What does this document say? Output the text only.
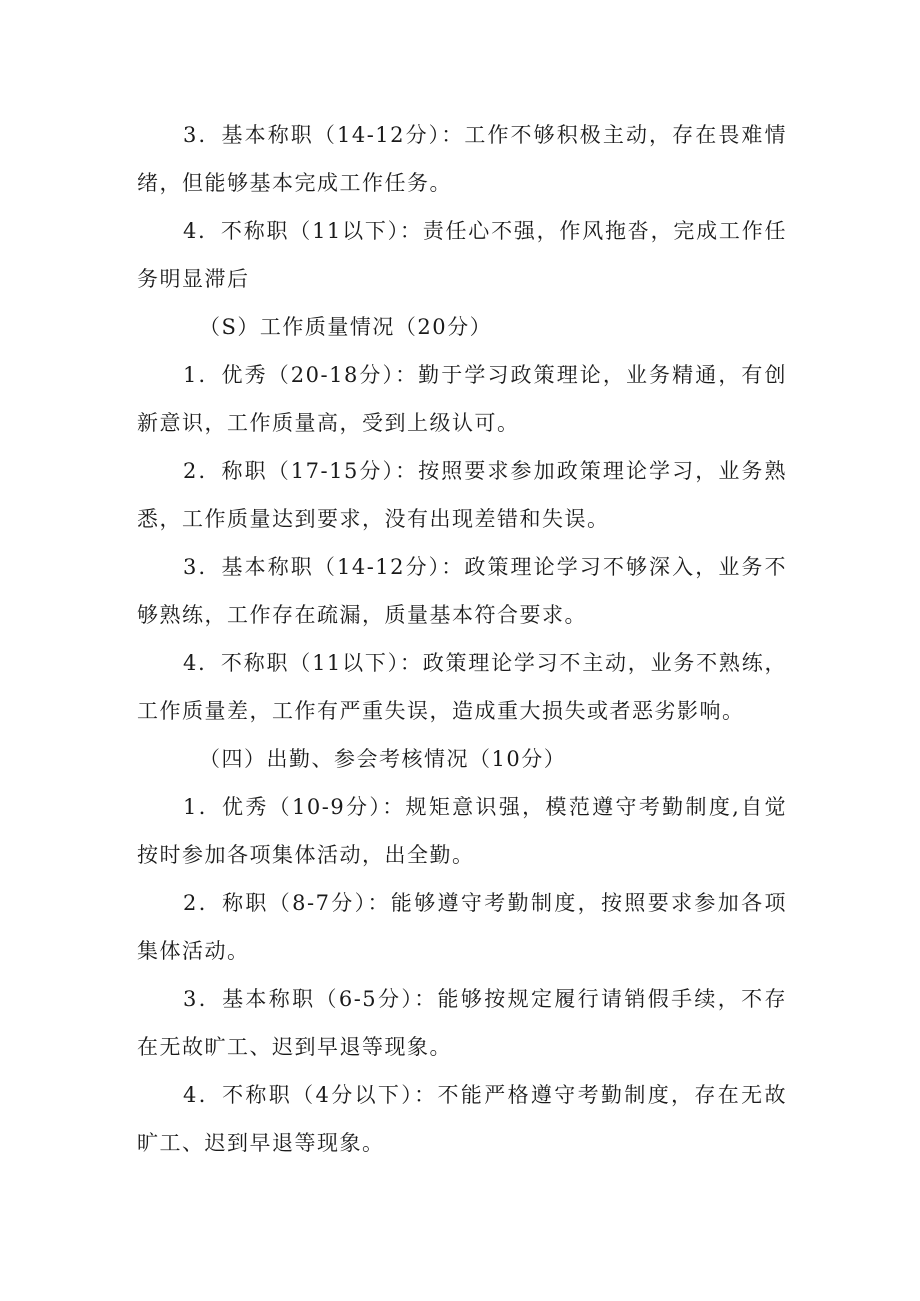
3．基本称职（14-12分）：工作不够积极主动，存在畏难情绪，但能够基本完成工作任务。

4．不称职（11以下）：责任心不强，作风拖沓，完成工作任务明显滞后

（S）工作质量情况（20分）

1．优秀（20-18分）：勤于学习政策理论，业务精通，有创新意识，工作质量高，受到上级认可。

2．称职（17-15分）：按照要求参加政策理论学习，业务熟悉，工作质量达到要求，没有出现差错和失误。

3．基本称职（14-12分）：政策理论学习不够深入，业务不够熟练，工作存在疏漏，质量基本符合要求。

4．不称职（11以下）：政策理论学习不主动，业务不熟练，工作质量差，工作有严重失误，造成重大损失或者恶劣影响。

（四）出勤、参会考核情况（10分）

1．优秀（10-9分）：规矩意识强，模范遵守考勤制度,自觉按时参加各项集体活动，出全勤。

2．称职（8-7分）：能够遵守考勤制度，按照要求参加各项集体活动。

3．基本称职（6-5分）：能够按规定履行请销假手续，不存在无故旷工、迟到早退等现象。

4．不称职（4分以下）：不能严格遵守考勤制度，存在无故旷工、迟到早退等现象。
